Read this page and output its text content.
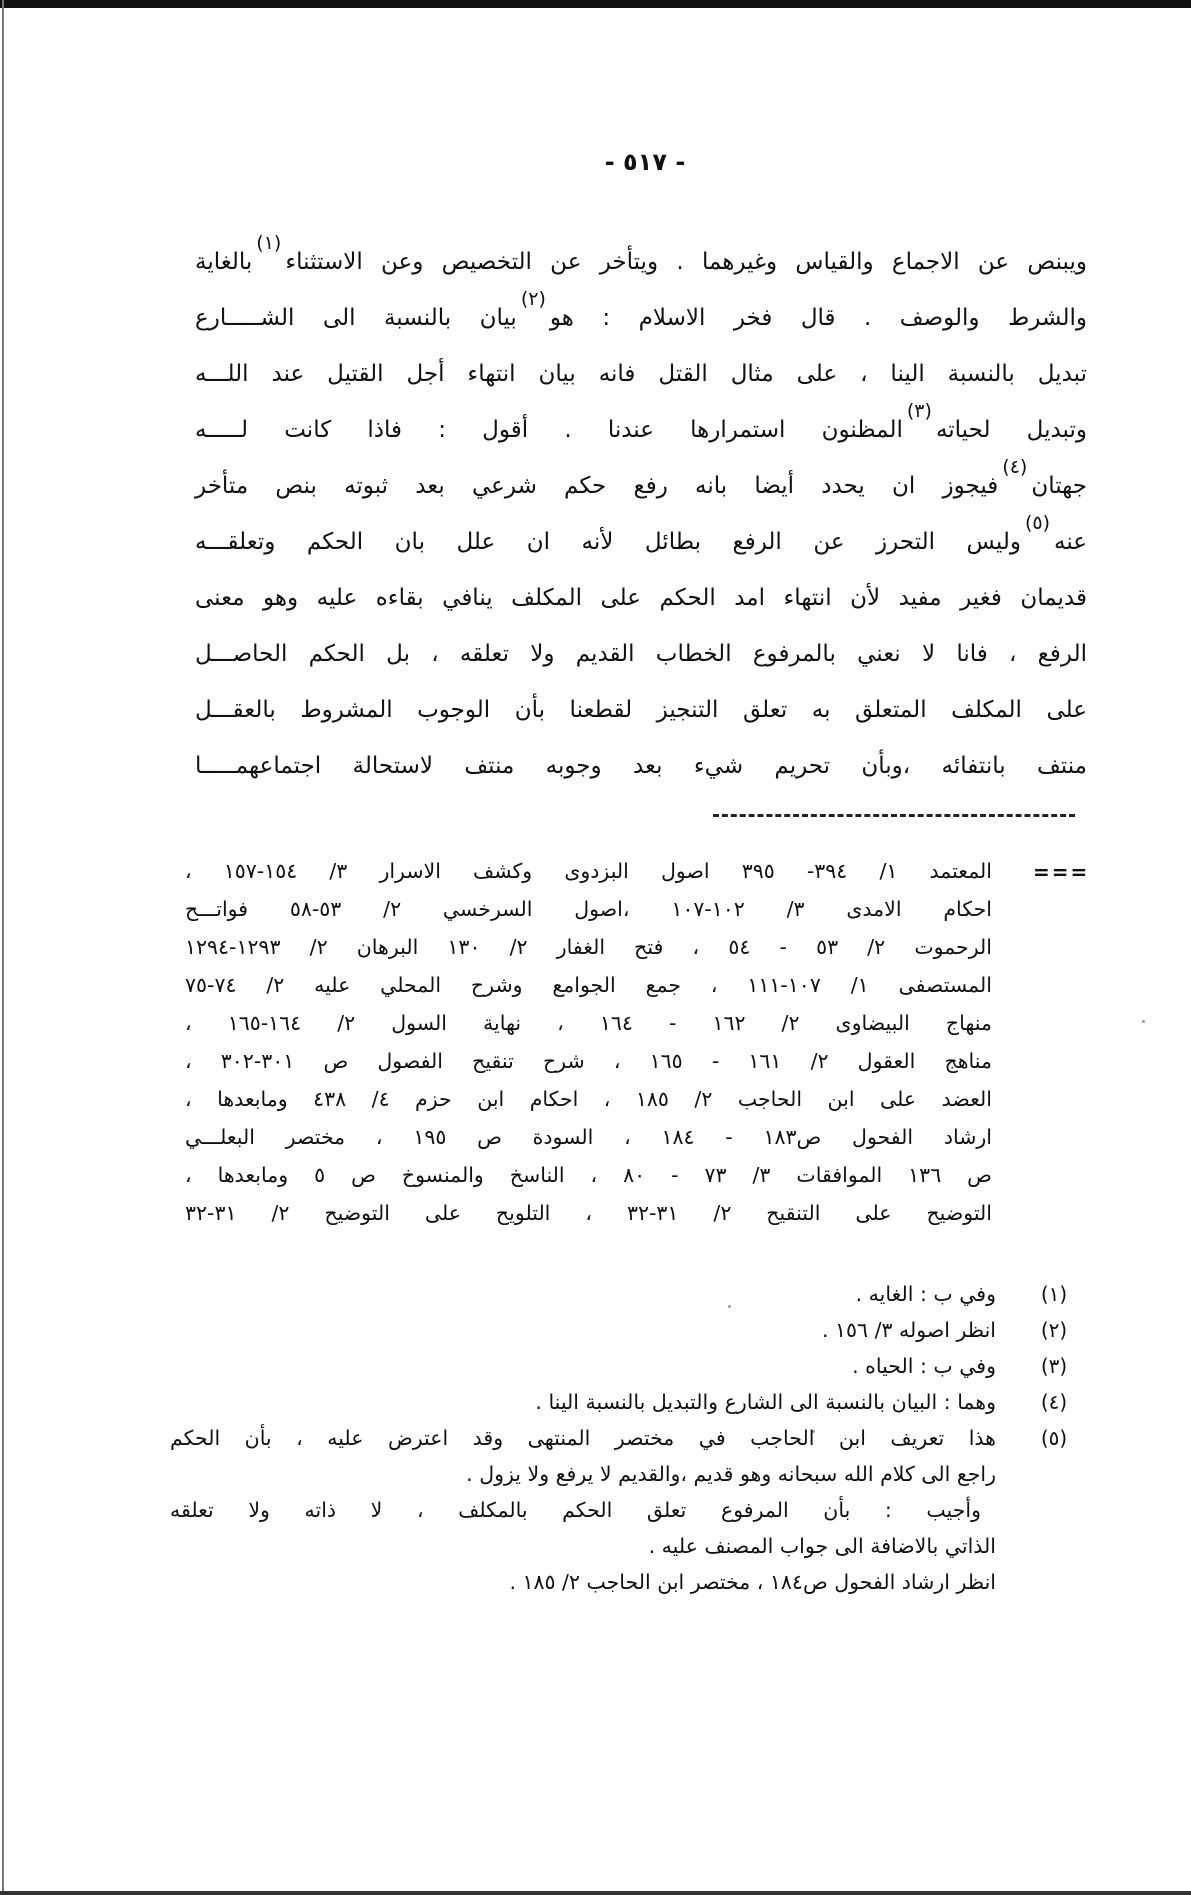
- ٥١٧ -
ويبنص عن الاجماع والقياس وغيرهما . ويتأخر عن التخصيص وعن الاستثناء$^{(١)}$بالغاية
والشرط والوصف . قال فخر الاسلام : هو$^{(٢)}$بيان بالنسبة الى الشـــــارع
تبديل بالنسبة الينا ، على مثال القتل فانه بيان انتهاء أجل القتيل عند اللـــه
وتبديل لحياته$^{(٣)}$المظنون استمرارها عندنا . أقول : فاذا كانت لـــــه
جهتان$^{(٤)}$فيجوز ان يحدد أيضا بانه رفع حكم شرعي بعد ثبوته بنص متأخر
عنه$^{(٥)}$وليس التحرز عن الرفع بطائل لأنه ان علل بان الحكم وتعلقـــه
قديمان فغير مفيد لأن انتهاء امد الحكم على المكلف ينافي بقاءه عليه وهو معنى
الرفع ، فانا لا نعني بالمرفوع الخطاب القديم ولا تعلقه ، بل الحكم الحاصـــل
على المكلف المتعلق به تعلق التنجيز لقطعنا بأن الوجوب المشروط بالعقـــل
منتف بانتفائه ،وبأن تحريم شيء بعد وجوبه منتف لاستحالة اجتماعهمـــــا
===
المعتمد ١/ ٣٩٤- ٣٩٥ اصول البزدوى وكشف الاسرار ٣/ ١٥٤-١٥٧ ،
احكام الامدى ٣/ ١٠٢-١٠٧ ،اصول السرخسي ٢/ ٥٣-٥٨ فواتـــح
الرحموت ٢/ ٥٣ - ٥٤ ، فتح الغفار ٢/ ١٣٠ البرهان ٢/ ١٢٩٣-١٢٩٤
المستصفى ١/ ١٠٧-١١١ ، جمع الجوامع وشرح المحلي عليه ٢/ ٧٤-٧٥
منهاج البيضاوى ٢/ ١٦٢ - ١٦٤ ، نهاية السول ٢/ ١٦٤-١٦٥ ،
مناهج العقول ٢/ ١٦١ - ١٦٥ ، شرح تنقيح الفصول ص ٣٠١-٣٠٢ ،
العضد على ابن الحاجب ٢/ ١٨٥ ، احكام ابن حزم ٤/ ٤٣٨ ومابعدها ،
ارشاد الفحول ص١٨٣ - ١٨٤ ، السودة ص ١٩٥ ، مختصر البعلـــي
ص ١٣٦ الموافقات ٣/ ٧٣ - ٨٠ ، الناسخ والمنسوخ ص ٥ ومابعدها ،
التوضيح على التنقيح ٢/ ٣١-٣٢ ، التلويح على التوضيح ٢/ ٣١-٣٢
(١)
وفي ب : الغايه .
(٢)
انظر اصوله ٣/ ١٥٦ .
(٣)
وفي ب : الحياه .
(٤)
وهما : البيان بالنسبة الى الشارع والتبديل بالنسبة الينا .
(٥)
هذا تعريف ابن الحاجب في مختصر المنتهى وقد اعترض عليه ، بأن الحكم
راجع الى كلام الله سبحانه وهو قديم ،والقديم لا يرفع ولا يزول .
وأجيب : بأن المرفوع تعلق الحكم بالمكلف ، لا ذاته ولا تعلقه
الذاتي بالاضافة الى جواب المصنف عليه .
انظر ارشاد الفحول ص١٨٤ ، مختصر ابن الحاجب ٢/ ١٨٥ .
